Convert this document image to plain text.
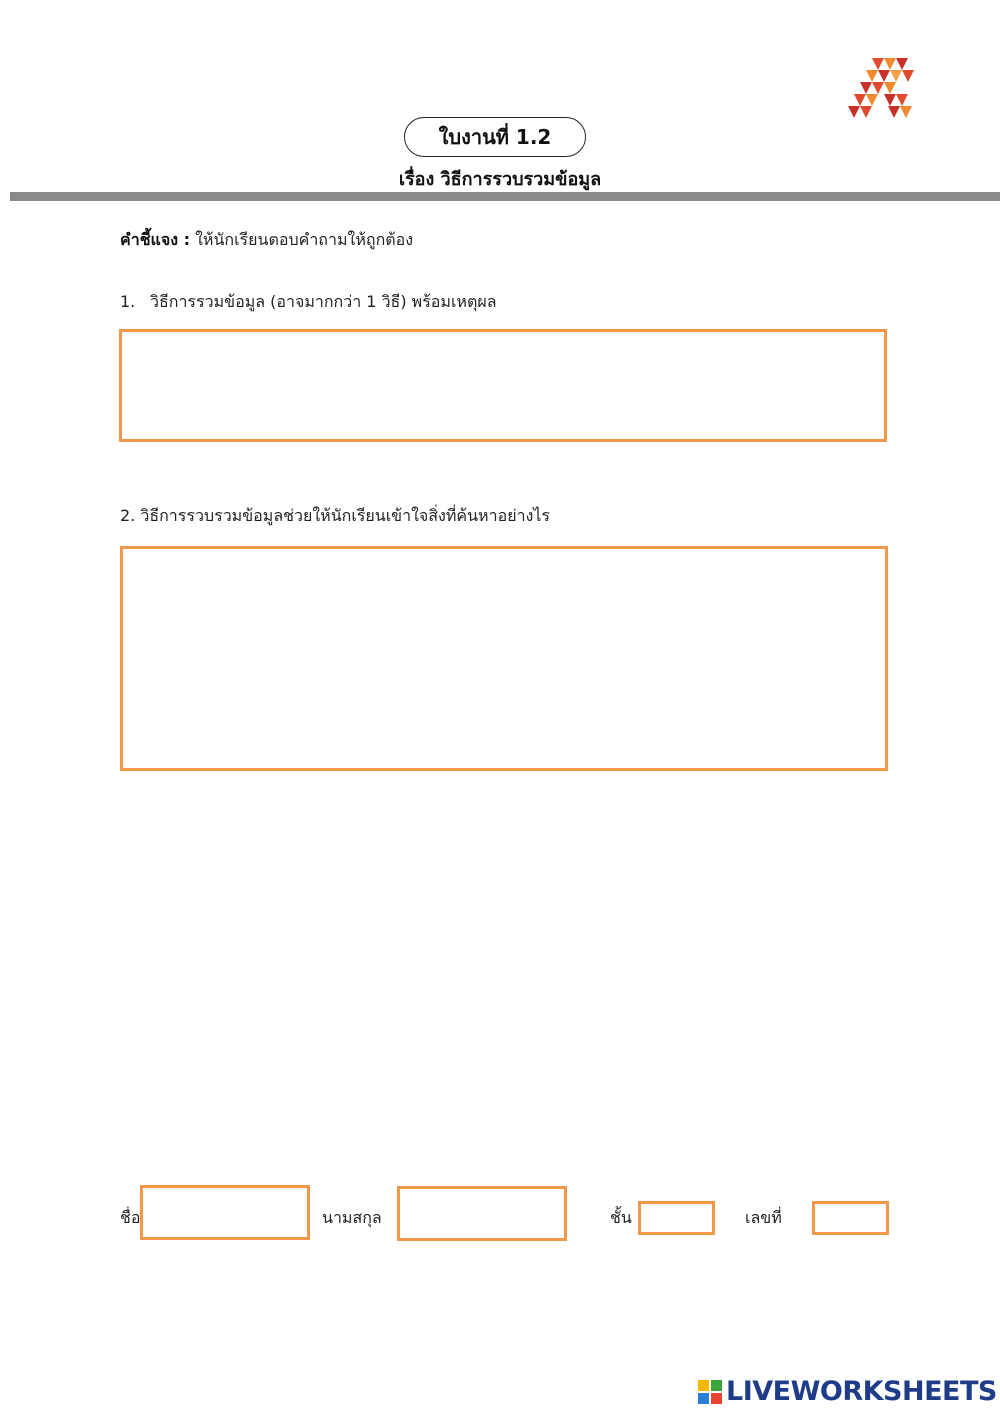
ใบงานที่ 1.2
เรื่อง วิธีการรวบรวมข้อมูล
คำชี้แจง : ให้นักเรียนตอบคำถามให้ถูกต้อง
1. วิธีการรวมข้อมูล (อาจมากกว่า 1 วิธี) พร้อมเหตุผล
2. วิธีการรวบรวมข้อมูลช่วยให้นักเรียนเข้าใจสิ่งที่ค้นหาอย่างไร
ชื่อ	นามสกุล	ชั้น	เลขที่
LIVEWORKSHEETS
